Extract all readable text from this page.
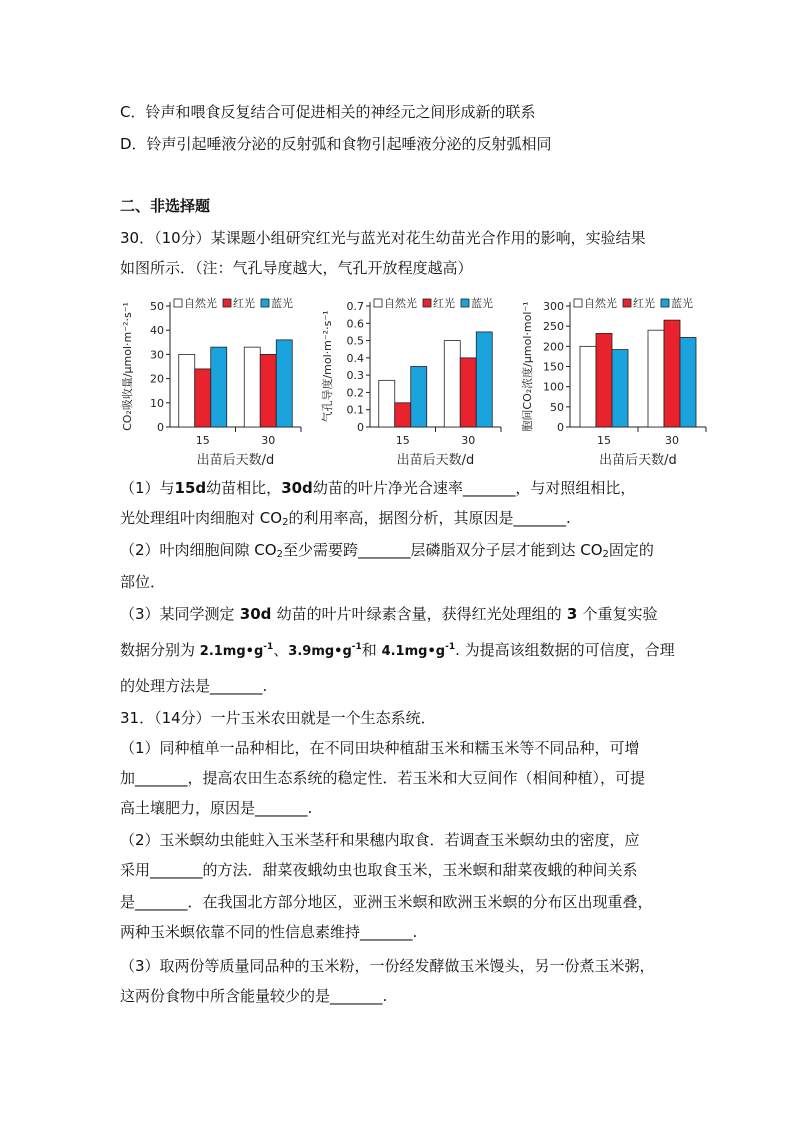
C．铃声和喂食反复结合可促进相关的神经元之间形成新的联系
D．铃声引起唾液分泌的反射弧和食物引起唾液分泌的反射弧相同
二、非选择题
30．（10分）某课题小组研究红光与蓝光对花生幼苗光合作用的影响，实验结果
如图所示．（注：气孔导度越大，气孔开放程度越高）
CO₂吸收量/μmol·m⁻²·s⁻¹ 0
10
20
30
40
50
15	30
出苗后天数/d
自然光 红光 蓝光
气孔导度/mol·m⁻²·s⁻¹
0
0.1
0.2
0.3
0.4
0.5
0.6
0.7
15	30
出苗后天数/d
自然光 红光 蓝光	胞间CO₂浓度/μmol·mol⁻¹ 0
50
100
150
200
250
300
15	30
出苗后天数/d
自然光 红光 蓝光
（1）与15d幼苗相比，30d幼苗的叶片净光合速率_______，与对照组相比，
光处理组叶肉细胞对 $CO_2$的利用率高，据图分析，其原因是_______.
（2）叶肉细胞间隙 $CO_2$至少需要跨_______层磷脂双分子层才能到达 $CO_2$固定的
部位．
（3）某同学测定 30d 幼苗的叶片叶绿素含量，获得红光处理组的 3 个重复实验
数据分别为 $2.1mg•g^{-1}$、$3.9mg•g^{-1}$和 $4.1mg•g^{-1}$. 为提高该组数据的可信度，合理
的处理方法是_______.
31．（14分）一片玉米农田就是一个生态系统．
（1）同种植单一品种相比，在不同田块种植甜玉米和糯玉米等不同品种，可增
加_______，提高农田生态系统的稳定性．若玉米和大豆间作（相间种植），可提
高土壤肥力，原因是_______.
（2）玉米螟幼虫能蛀入玉米茎秆和果穗内取食．若调查玉米螟幼虫的密度，应
采用_______的方法．甜菜夜蛾幼虫也取食玉米，玉米螟和甜菜夜蛾的种间关系
是_______．在我国北方部分地区，亚洲玉米螟和欧洲玉米螟的分布区出现重叠，
两种玉米螟依靠不同的性信息素维持_______.
（3）取两份等质量同品种的玉米粉，一份经发酵做玉米馒头，另一份煮玉米粥，
这两份食物中所含能量较少的是_______.
